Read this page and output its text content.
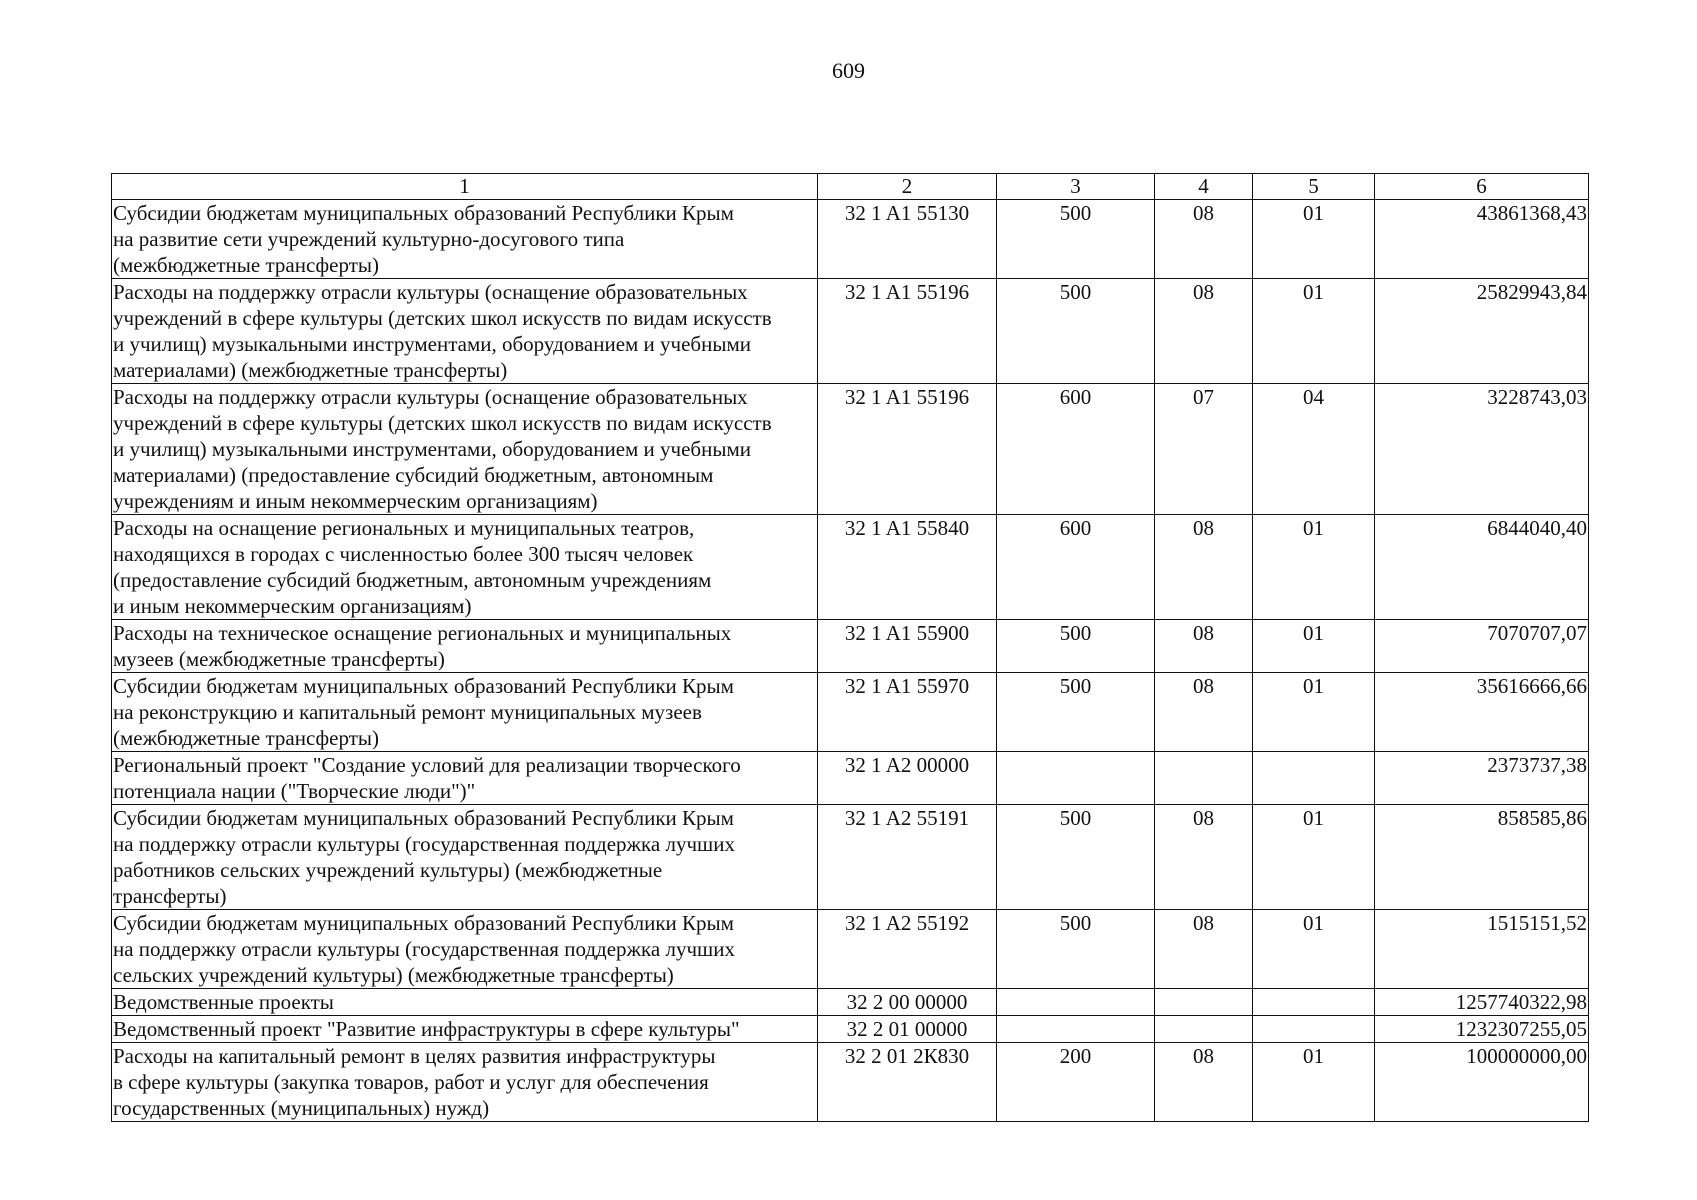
609
1	2	3	4	5	6
Субсидии бюджетам муниципальных образований Республики Крым
на развитие сети учреждений культурно-досугового типа
(межбюджетные трансферты)	32 1 A1 55130	500	08	01	43861368,43
Расходы на поддержку отрасли культуры (оснащение образовательных
учреждений в сфере культуры (детских школ искусств по видам искусств
и училищ) музыкальными инструментами, оборудованием и учебными
материалами) (межбюджетные трансферты)	32 1 A1 55196	500	08	01	25829943,84
Расходы на поддержку отрасли культуры (оснащение образовательных
учреждений в сфере культуры (детских школ искусств по видам искусств
и училищ) музыкальными инструментами, оборудованием и учебными
материалами) (предоставление субсидий бюджетным, автономным
учреждениям и иным некоммерческим организациям)	32 1 A1 55196	600	07	04	3228743,03
Расходы на оснащение региональных и муниципальных театров,
находящихся в городах с численностью более 300 тысяч человек
(предоставление субсидий бюджетным, автономным учреждениям
и иным некоммерческим организациям)	32 1 A1 55840	600	08	01	6844040,40
Расходы на техническое оснащение региональных и муниципальных
музеев (межбюджетные трансферты)	32 1 A1 55900	500	08	01	7070707,07
Субсидии бюджетам муниципальных образований Республики Крым
на реконструкцию и капитальный ремонт муниципальных музеев
(межбюджетные трансферты)	32 1 A1 55970	500	08	01	35616666,66
Региональный проект "Создание условий для реализации творческого
потенциала нации ("Творческие люди")"	32 1 A2 00000				2373737,38
Субсидии бюджетам муниципальных образований Республики Крым
на поддержку отрасли культуры (государственная поддержка лучших
работников сельских учреждений культуры) (межбюджетные
трансферты)	32 1 A2 55191	500	08	01	858585,86
Субсидии бюджетам муниципальных образований Республики Крым
на поддержку отрасли культуры (государственная поддержка лучших
сельских учреждений культуры) (межбюджетные трансферты)	32 1 A2 55192	500	08	01	1515151,52
Ведомственные проекты	32 2 00 00000				1257740322,98
Ведомственный проект "Развитие инфраструктуры в сфере культуры"	32 2 01 00000				1232307255,05
Расходы на капитальный ремонт в целях развития инфраструктуры
в сфере культуры (закупка товаров, работ и услуг для обеспечения
государственных (муниципальных) нужд)	32 2 01 2К830	200	08	01	100000000,00
